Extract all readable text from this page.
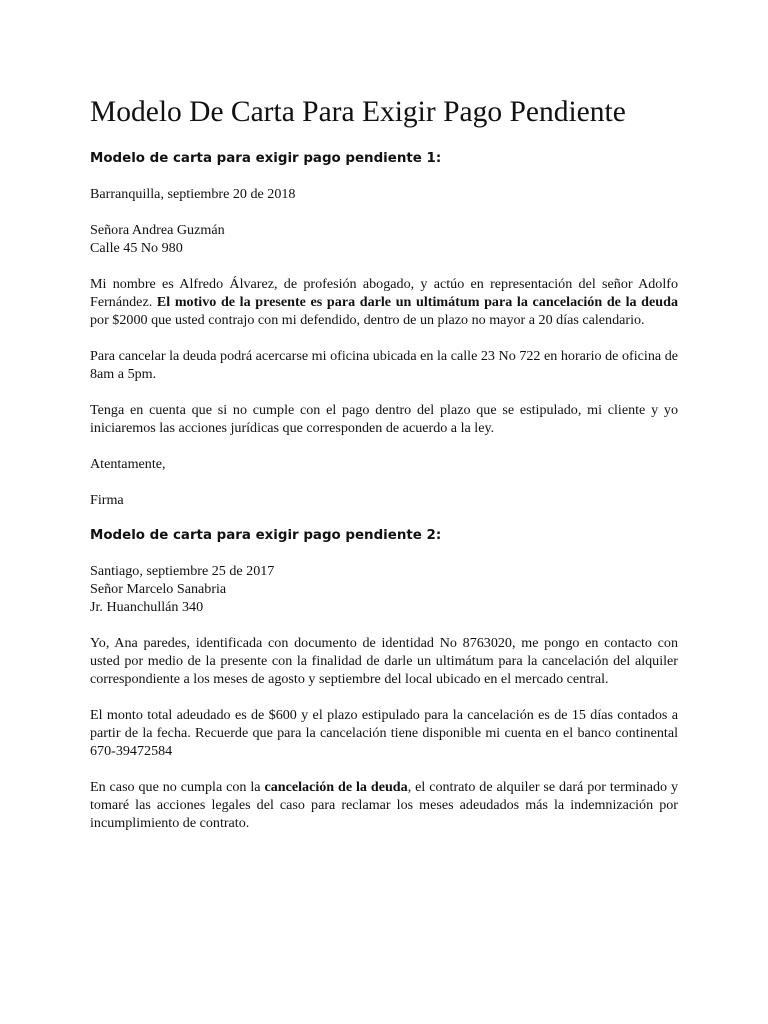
Modelo De Carta Para Exigir Pago Pendiente
Modelo de carta para exigir pago pendiente 1:

Barranquilla, septiembre 20 de 2018

Señora Andrea Guzmán

Calle 45 No 980

Mi nombre es Alfredo Álvarez, de profesión abogado, y actúo en representación del señor Adolfo Fernández. El motivo de la presente es para darle un ultimátum para la cancelación de la deuda por $2000 que usted contrajo con mi defendido, dentro de un plazo no mayor a 20 días calendario.

Para cancelar la deuda podrá acercarse mi oficina ubicada en la calle 23 No 722 en horario de oficina de 8am a 5pm.

Tenga en cuenta que si no cumple con el pago dentro del plazo que se estipulado, mi cliente y yo iniciaremos las acciones jurídicas que corresponden de acuerdo a la ley.

Atentamente,

Firma

Modelo de carta para exigir pago pendiente 2:

Santiago, septiembre 25 de 2017

Señor Marcelo Sanabria

Jr. Huanchullán 340

Yo, Ana paredes, identificada con documento de identidad No 8763020, me pongo en contacto con usted por medio de la presente con la finalidad de darle un ultimátum para la cancelación del alquiler correspondiente a los meses de agosto y septiembre del local ubicado en el mercado central.

El monto total adeudado es de $600 y el plazo estipulado para la cancelación es de 15 días contados a partir de la fecha. Recuerde que para la cancelación tiene disponible mi cuenta en el banco continental 670-39472584

En caso que no cumpla con la cancelación de la deuda, el contrato de alquiler se dará por terminado y tomaré las acciones legales del caso para reclamar los meses adeudados más la indemnización por incumplimiento de contrato.
